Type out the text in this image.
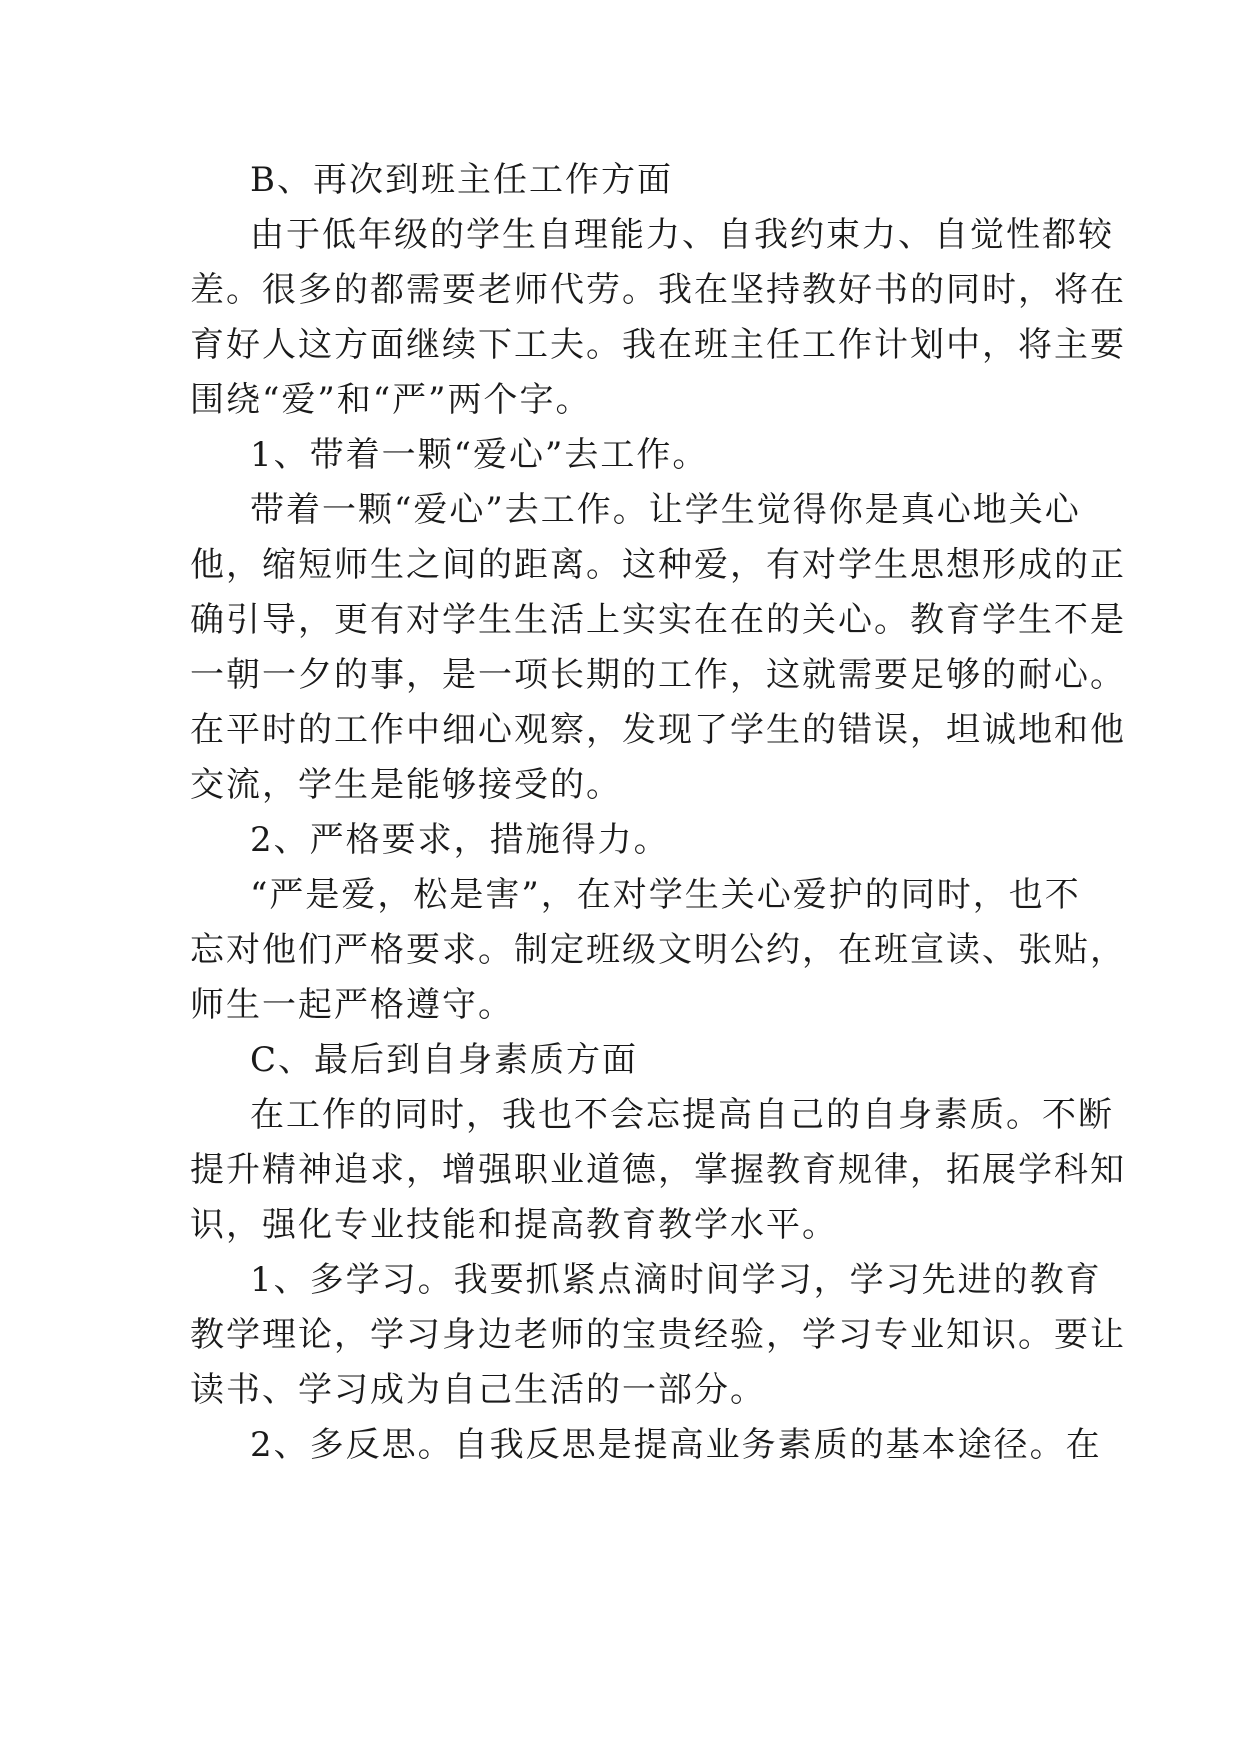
B、再次到班主任工作方面
由于低年级的学生自理能力、自我约束力、自觉性都较
差。很多的都需要老师代劳。我在坚持教好书的同时，将在
育好人这方面继续下工夫。我在班主任工作计划中，将主要
围绕“爱”和“严”两个字。
1、带着一颗“爱心”去工作。
带着一颗“爱心”去工作。让学生觉得你是真心地关心
他，缩短师生之间的距离。这种爱，有对学生思想形成的正
确引导，更有对学生生活上实实在在的关心。教育学生不是
一朝一夕的事，是一项长期的工作，这就需要足够的耐心。
在平时的工作中细心观察，发现了学生的错误，坦诚地和他
交流，学生是能够接受的。
2、严格要求，措施得力。
“严是爱，松是害”，在对学生关心爱护的同时，也不
忘对他们严格要求。制定班级文明公约，在班宣读、张贴，
师生一起严格遵守。
C、最后到自身素质方面
在工作的同时，我也不会忘提高自己的自身素质。不断
提升精神追求，增强职业道德，掌握教育规律，拓展学科知
识，强化专业技能和提高教育教学水平。
1、多学习。我要抓紧点滴时间学习，学习先进的教育
教学理论，学习身边老师的宝贵经验，学习专业知识。要让
读书、学习成为自己生活的一部分。
2、多反思。自我反思是提高业务素质的基本途径。在
